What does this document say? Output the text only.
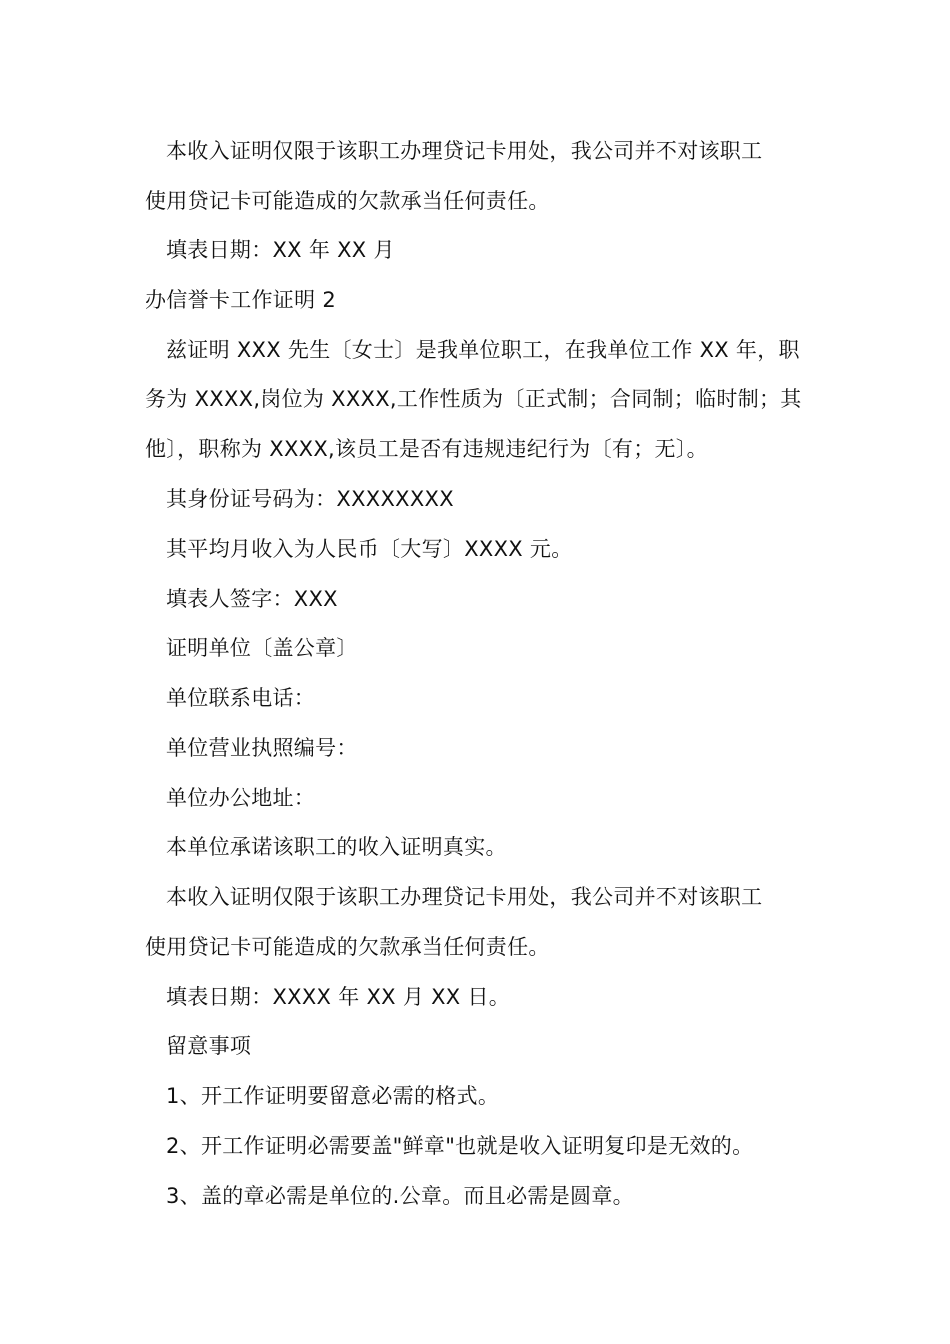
本收入证明仅限于该职工办理贷记卡用处，我公司并不对该职工
使用贷记卡可能造成的欠款承当任何责任。
填表日期：XX 年 XX 月
办信誉卡工作证明 2
兹证明 XXX 先生〔女士〕是我单位职工，在我单位工作 XX 年，职
务为 XXXX,岗位为 XXXX,工作性质为〔正式制；合同制；临时制；其
他〕，职称为 XXXX,该员工是否有违规违纪行为〔有；无〕。
其身份证号码为：XXXXXXXX
其平均月收入为人民币〔大写〕XXXX 元。
填表人签字：XXX
证明单位〔盖公章〕
单位联系电话：
单位营业执照编号：
单位办公地址：
本单位承诺该职工的收入证明真实。
本收入证明仅限于该职工办理贷记卡用处，我公司并不对该职工
使用贷记卡可能造成的欠款承当任何责任。
填表日期：XXXX 年 XX 月 XX 日。
留意事项
1、开工作证明要留意必需的格式。
2、开工作证明必需要盖"鲜章"也就是收入证明复印是无效的。
3、盖的章必需是单位的.公章。而且必需是圆章。
